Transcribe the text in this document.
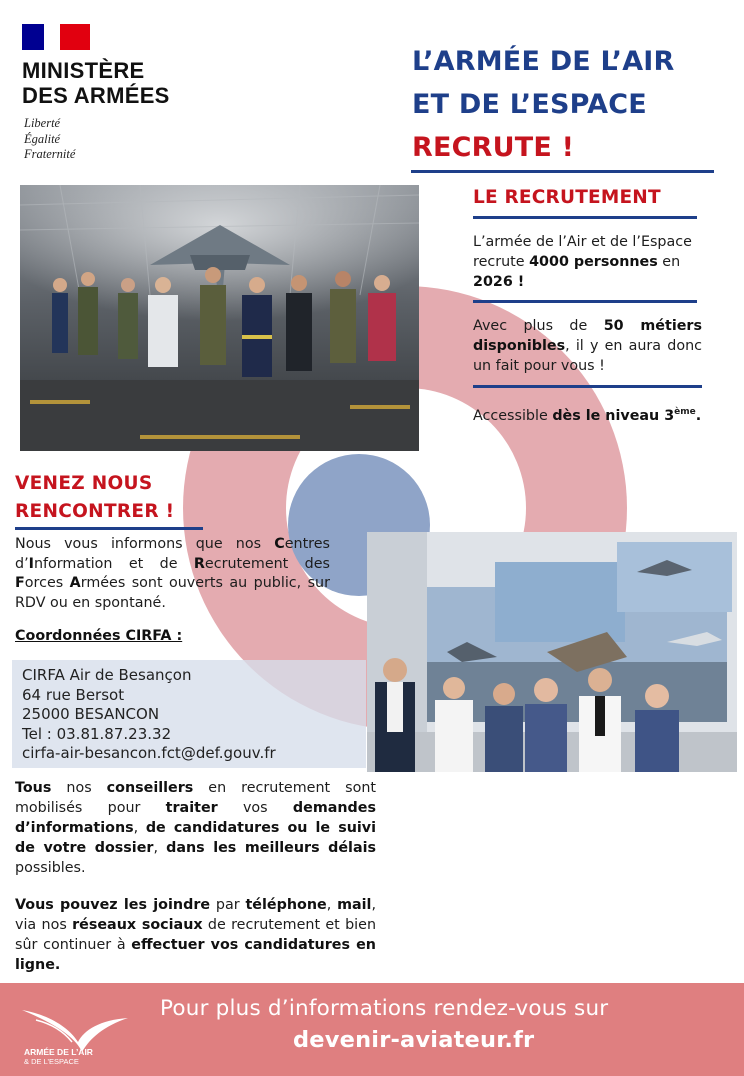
MINISTÈRE
DES ARMÉES
Liberté
Égalité
Fraternité
L’ARMÉE DE L’AIR
ET DE L’ESPACE
RECRUTE !
LE RECRUTEMENT
L’armée de l’Air et de l’Espace recrute 4000 personnes en 2026 !
Avec plus de 50 métiers disponibles, il y en aura donc un fait pour vous !
Accessible dès le niveau 3ème.
VENEZ NOUS
RENCONTRER !
Nous vous informons que nos Centres d’Information et de Recrutement des Forces Armées sont ouverts au public, sur RDV ou en spontané.
Coordonnées CIRFA :
CIRFA Air de Besançon
64 rue Bersot
25000 BESANCON
Tel : 03.81.87.23.32
cirfa-air-besancon.fct@def.gouv.fr
Tous nos conseillers en recrutement sont mobilisés pour traiter vos demandes d’informations, de candidatures ou le suivi de votre dossier, dans les meilleurs délais possibles.
Vous pouvez les joindre par téléphone, mail, via nos réseaux sociaux de recrutement et bien sûr continuer à effectuer vos candidatures en ligne.
ARMÉE DE L’AIR
& DE L’ESPACE
Pour plus d’informations rendez-vous sur
devenir-aviateur.fr
